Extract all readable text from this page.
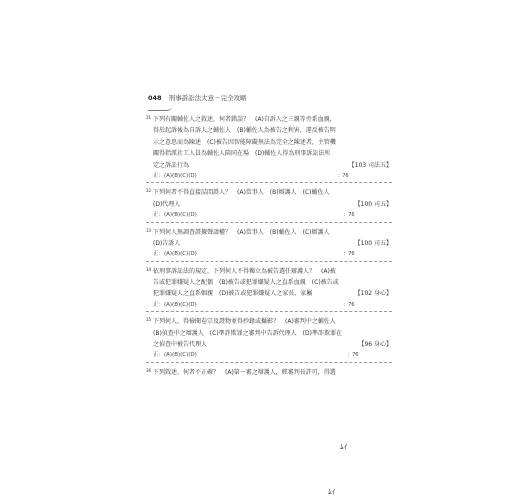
048 刑事訴訟法大意－完全攻略
31 下列有關輔佐人之敘述，何者錯誤？　(A)自訴人之三親等旁系血親，
得於起訴後為自訴人之輔佐人　(B)輔佐人為被告之利害，違反被告明
示之意思而為陳述　(C)被告因智能障礙無法為完全之陳述者，主管機
關得指派社工人員為輔佐人陪同在場　(D)輔佐人得為刑事訴訟法所
定之訴訟行為	【103 司法五】
：76
正：(A)(B)(C)(D)
32 下列何者不得直接詰問證人？　(A)當事人　(B)辯護人　(C)輔佐人
(D)代理人	【100 司五】
：76
正：(A)(B)(C)(D)
33 下列何人無調查證據聲請權？　(A)當事人　(B)輔佐人　(C)辯護人
(D)告訴人	【100 司五】
：76
正：(A)(B)(C)(D)
34 依刑事訴訟法的規定，下列何人不得獨立為被告選任辯護人？　(A)被
告或犯罪嫌疑人之配偶　(B)被告或犯罪嫌疑人之直系血親　(C)被告或
犯罪嫌疑人之直系姻親　(D)被告或犯罪嫌疑人之家長、家屬	【102 身心】
：76
正：(A)(B)(C)(D)
35 下列何人，得檢閱卷宗及證物並得抄錄或攝影？　(A)審判中之輔佐人
(B)偵查中之辯護人　(C)準詐欺罪之審判中告訴代理人　(D)準詐欺罪在
之偵查中被告代理人	【96 身心】
：76
正：(A)(B)(C)(D)
36 下列敘述，何者不正確？　(A)第一審之辯護人，經審判長許可，得選
ﾑｲ
ﾑｲ
